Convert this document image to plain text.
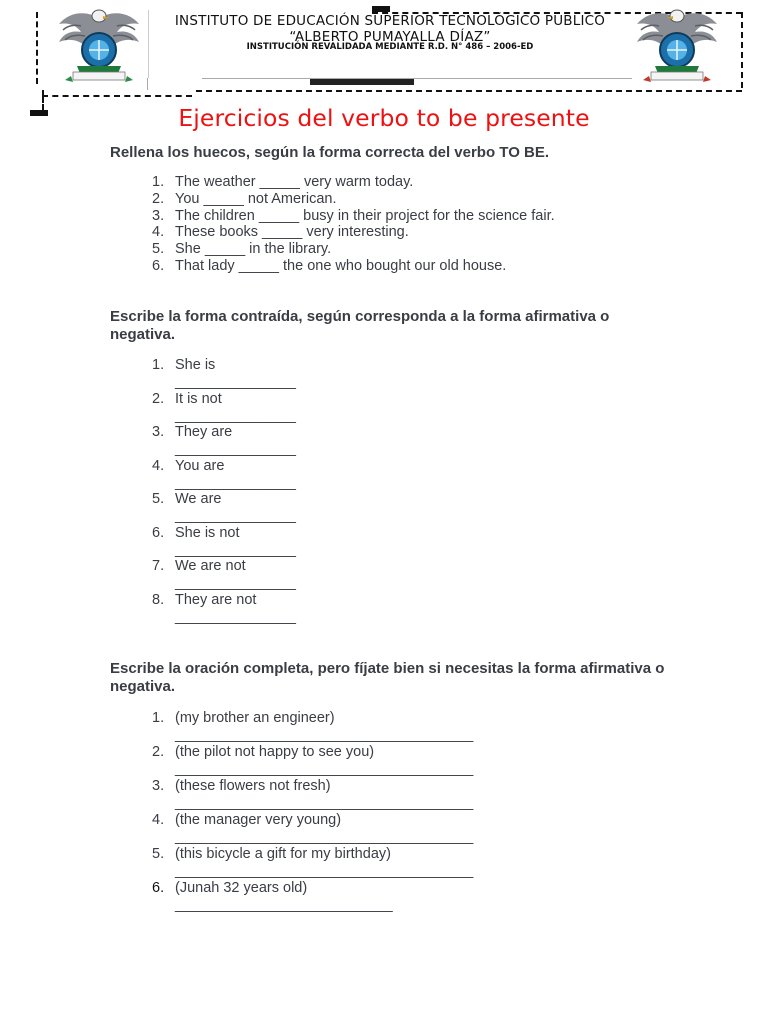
INSTITUTO DE EDUCACIÓN SUPERIOR TECNOLÓGICO PÚBLICO
“ALBERTO PUMAYALLA DÍAZ”
INSTITUCIÓN REVALIDADA MEDIANTE R.D. N° 486 – 2006-ED
Ejercicios del verbo to be presente
Rellena los huecos, según la forma correcta del verbo TO BE.
1. The weather _____ very warm today.
2. You _____ not American.
3. The children _____ busy in their project for the science fair.
4. These books _____ very interesting.
5. She _____ in the library.
6. That lady _____ the one who bought our old house.
Escribe la forma contraída, según corresponda a la forma afirmativa o negativa.
1. She is
_______________
2. It is not
_______________
3. They are
_______________
4. You are
_______________
5. We are
_______________
6. She is not
_______________
7. We are not
_______________
8. They are not
_______________
Escribe la oración completa, pero fíjate bien si necesitas la forma afirmativa o negativa.
1. (my brother an engineer)
_____________________________________
2. (the pilot not happy to see you)
_____________________________________
3. (these flowers not fresh)
_____________________________________
4. (the manager very young)
_____________________________________
5. (this bicycle a gift for my birthday)
_____________________________________
6. (Junah 32 years old)
___________________________
